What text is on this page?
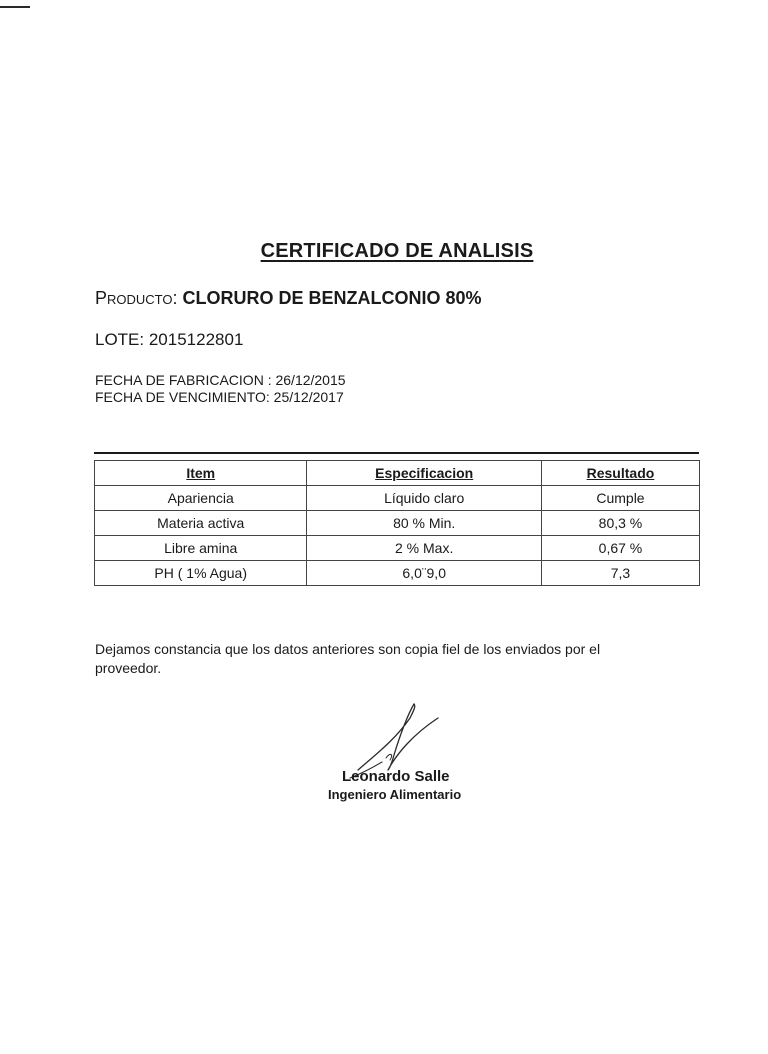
CERTIFICADO DE ANALISIS
Producto: CLORURO DE BENZALCONIO 80%
LOTE: 2015122801
FECHA DE FABRICACION : 26/12/2015
FECHA DE VENCIMIENTO: 25/12/2017
Item	Especificacion	Resultado
Apariencia	Líquido claro	Cumple
Materia activa	80 % Min.	80,3 %
Libre amina	2 % Max.	0,67 %
PH ( 1% Agua)	6,0¨9,0	7,3
Dejamos constancia que los datos anteriores son copia fiel de los enviados por el proveedor.
Leonardo Salle
Ingeniero Alimentario
